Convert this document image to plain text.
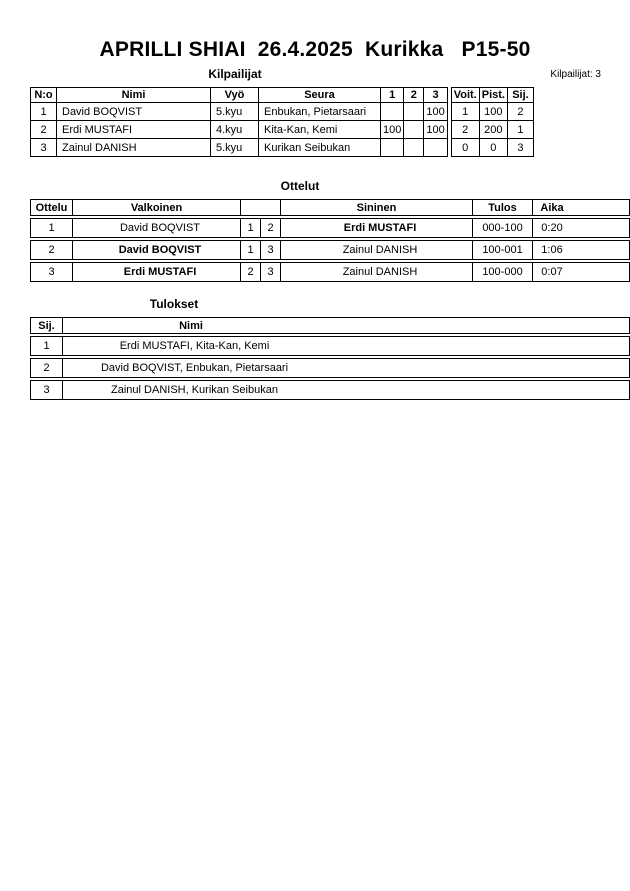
APRILLI SHIAI  26.4.2025  Kurikka   P15-50
Kilpailijat: 3
Kilpailijat
N:o	Nimi	Vyö	Seura	1	2	3		Voit.	Pist.	Sij.
1	David BOQVIST	5.kyu	Enbukan, Pietarsaari			100		1	100	2
2	Erdi MUSTAFI	4.kyu	Kita-Kan, Kemi	100		100		2	200	1
3	Zainul DANISH	5.kyu	Kurikan Seibukan					0	0	3
Ottelut
Ottelu	Valkoinen	Sininen	Tulos	Aika
1	David BOQVIST	1	2	Erdi MUSTAFI	000-100	0:20
2	David BOQVIST	1	3	Zainul DANISH	100-001	1:06
3	Erdi MUSTAFI	2	3	Zainul DANISH	100-000	0:07
Tulokset
Sij.	Nimi
1	Erdi MUSTAFI, Kita-Kan, Kemi
2	David BOQVIST, Enbukan, Pietarsaari
3	Zainul DANISH, Kurikan Seibukan
